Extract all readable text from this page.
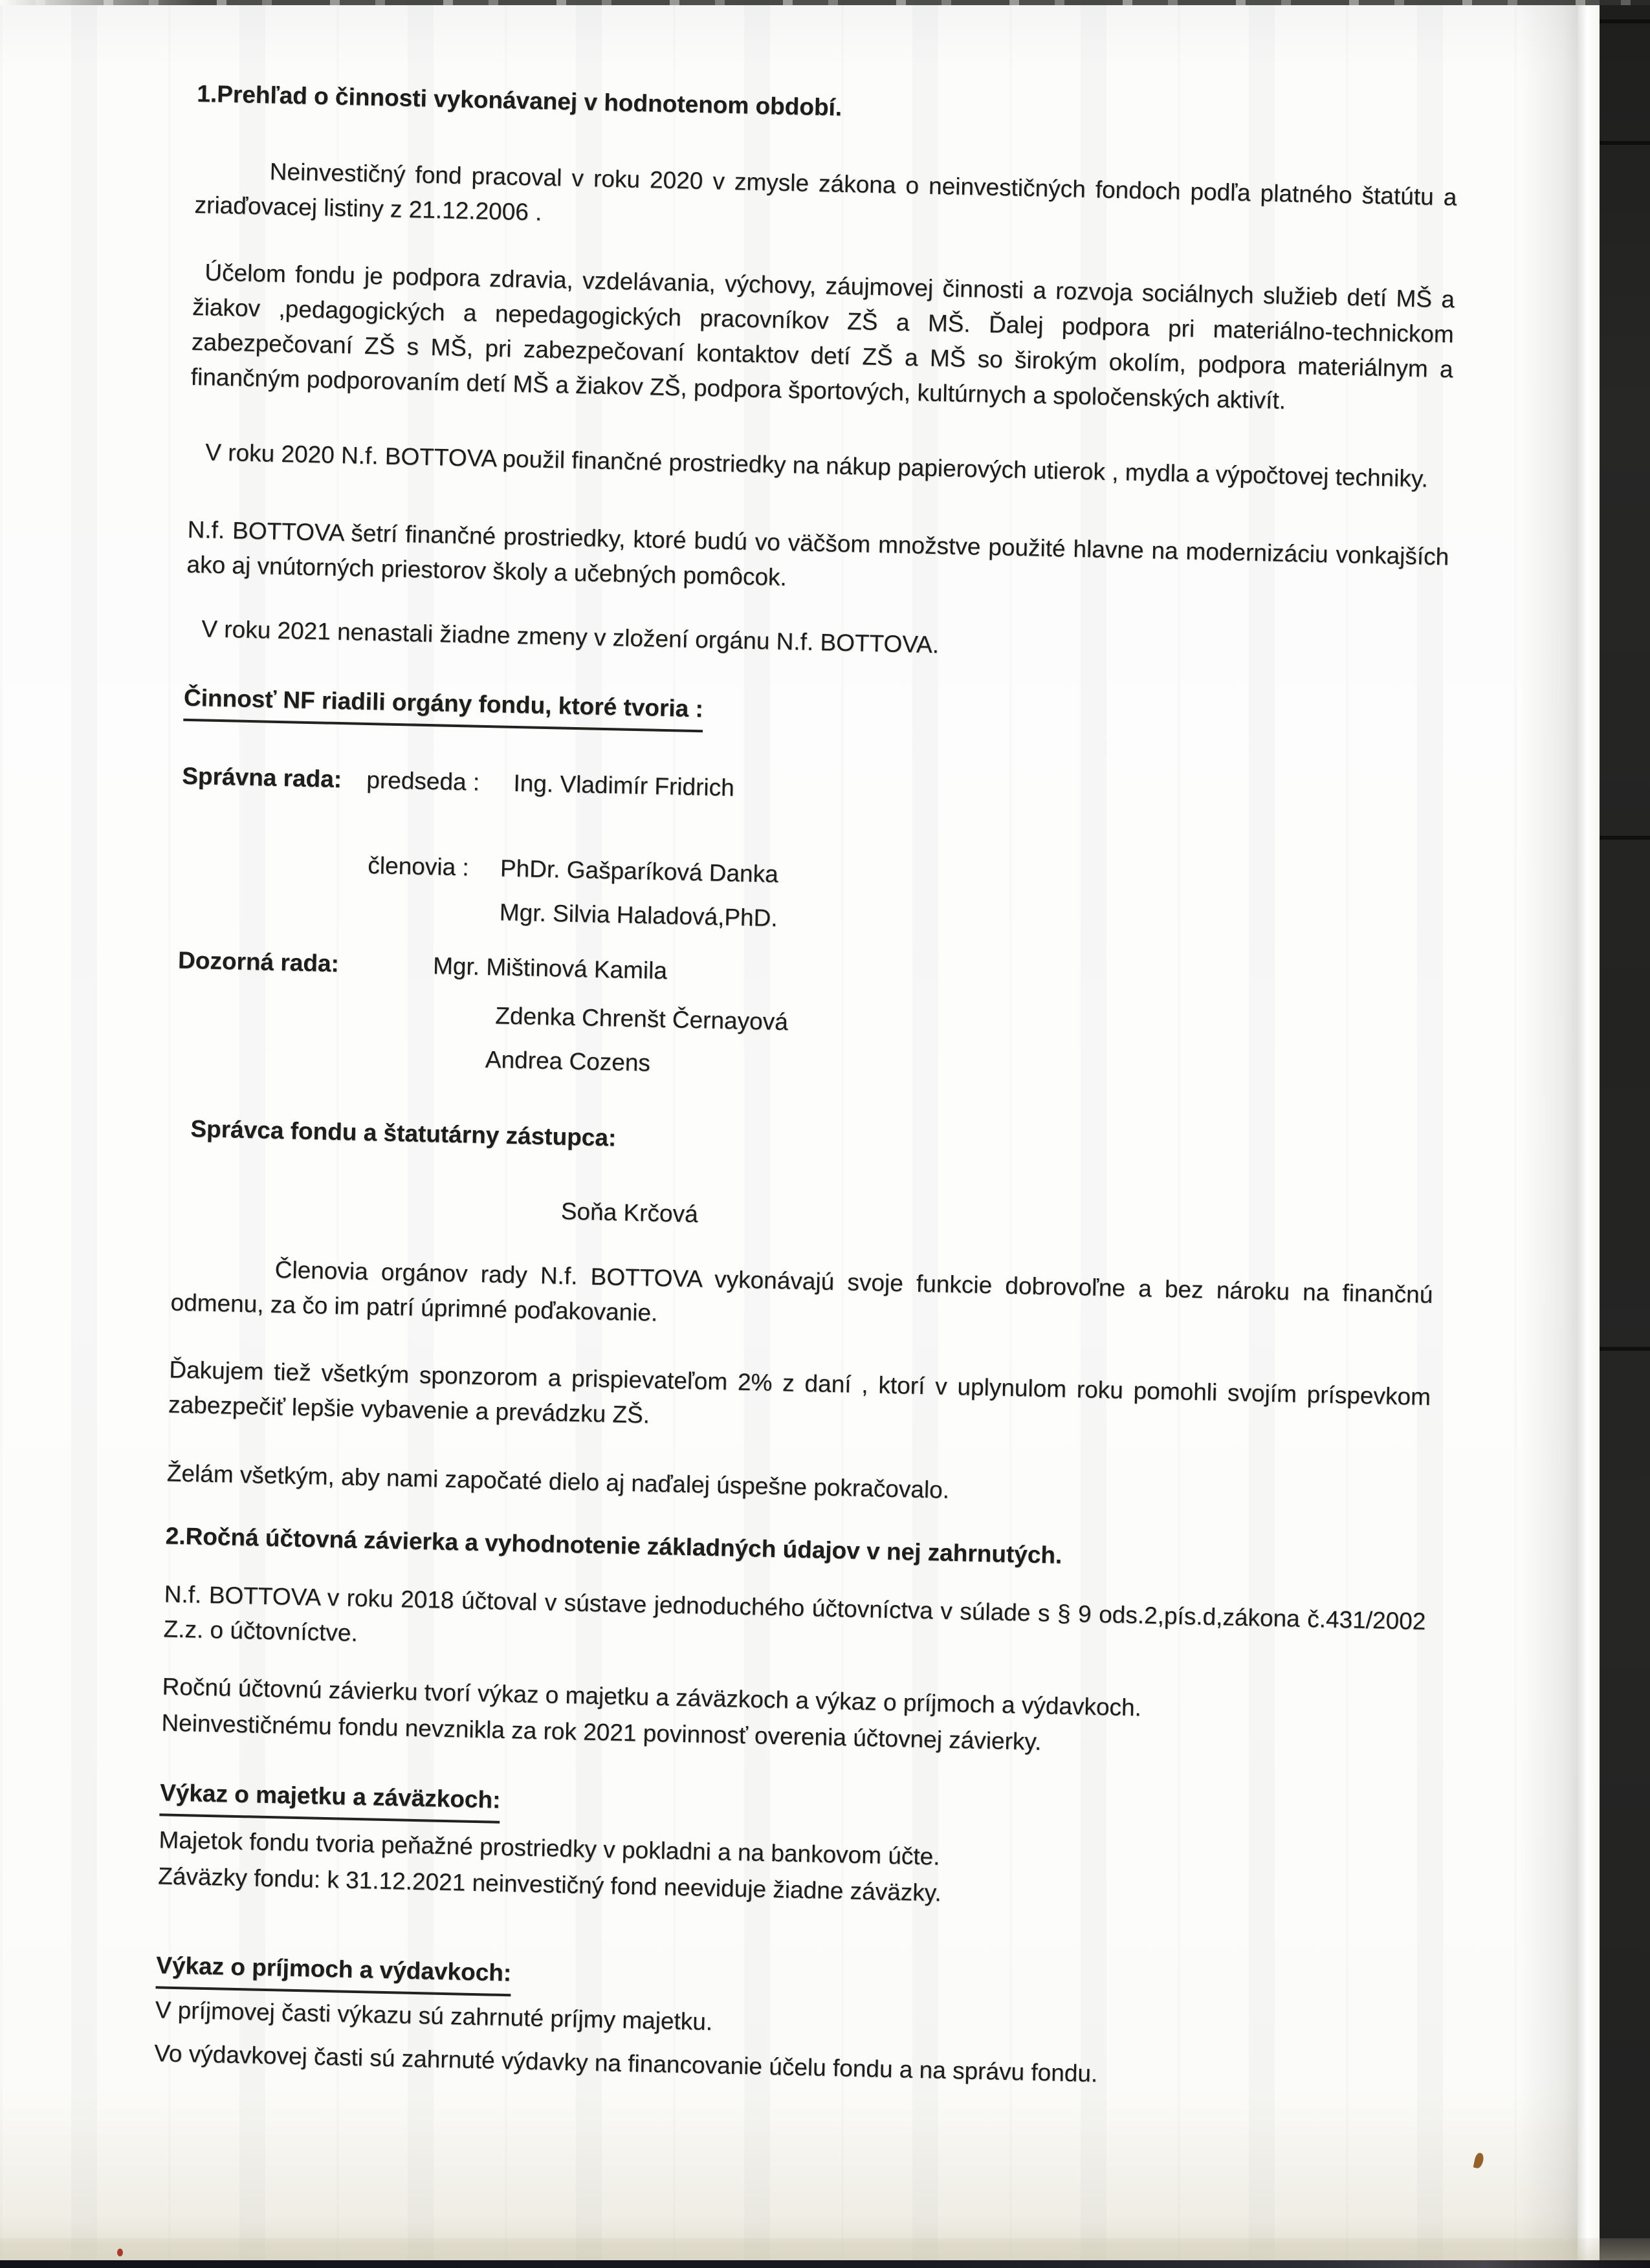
1.Prehľad o činnosti vykonávanej v hodnotenom období.
Neinvestičný fond pracoval v roku 2020 v zmysle zákona o neinvestičných fondoch podľa platného štatútu a zriaďovacej listiny z 21.12.2006 .
Účelom fondu je podpora zdravia, vzdelávania, výchovy, záujmovej činnosti a rozvoja sociálnych služieb detí MŠ a žiakov ,pedagogických a nepedagogických pracovníkov ZŠ a MŠ. Ďalej podpora pri materiálno-technickom zabezpečovaní ZŠ s MŠ, pri zabezpečovaní kontaktov detí ZŠ a MŠ so širokým okolím, podpora materiálnym a finančným podporovaním detí MŠ a žiakov ZŠ, podpora športových, kultúrnych a spoločenských aktivít.
V roku 2020 N.f. BOTTOVA použil finančné prostriedky na nákup papierových utierok , mydla a výpočtovej techniky.
N.f. BOTTOVA šetrí finančné prostriedky, ktoré budú vo väčšom množstve použité hlavne na modernizáciu vonkajších ako aj vnútorných priestorov školy a učebných pomôcok.
V roku 2021 nenastali žiadne zmeny v zložení orgánu N.f. BOTTOVA.
Činnosť NF riadili orgány fondu, ktoré tvoria :
Správna rada: predseda : Ing. Vladimír Fridrich
členovia : PhDr. Gašparíková Danka
Mgr. Silvia Haladová,PhD.
Dozorná rada:	Mgr. Mištinová Kamila
Zdenka Chrenšt Černayová
Andrea Cozens
Správca fondu a štatutárny zástupca:
Soňa Krčová
Členovia orgánov rady N.f. BOTTOVA vykonávajú svoje funkcie dobrovoľne a bez nároku na finančnú odmenu, za čo im patrí úprimné poďakovanie.
Ďakujem tiež všetkým sponzorom a prispievateľom 2% z daní , ktorí v uplynulom roku pomohli svojím príspevkom zabezpečiť lepšie vybavenie a prevádzku ZŠ.
Želám všetkým, aby nami započaté dielo aj naďalej úspešne pokračovalo.
2.Ročná účtovná závierka a vyhodnotenie základných údajov v nej zahrnutých.
N.f. BOTTOVA v roku 2018 účtoval v sústave jednoduchého účtovníctva v súlade s § 9 ods.2,pís.d,zákona č.431/2002 Z.z. o účtovníctve.
Ročnú účtovnú závierku tvorí výkaz o majetku a záväzkoch a výkaz o príjmoch a výdavkoch.
Neinvestičnému fondu nevznikla za rok 2021 povinnosť overenia účtovnej závierky.
Výkaz o majetku a záväzkoch:
Majetok fondu tvoria peňažné prostriedky v pokladni a na bankovom účte.
Záväzky fondu: k 31.12.2021 neinvestičný fond neeviduje žiadne záväzky.
Výkaz o príjmoch a výdavkoch:
V príjmovej časti výkazu sú zahrnuté príjmy majetku.
Vo výdavkovej časti sú zahrnuté výdavky na financovanie účelu fondu a na správu fondu.
